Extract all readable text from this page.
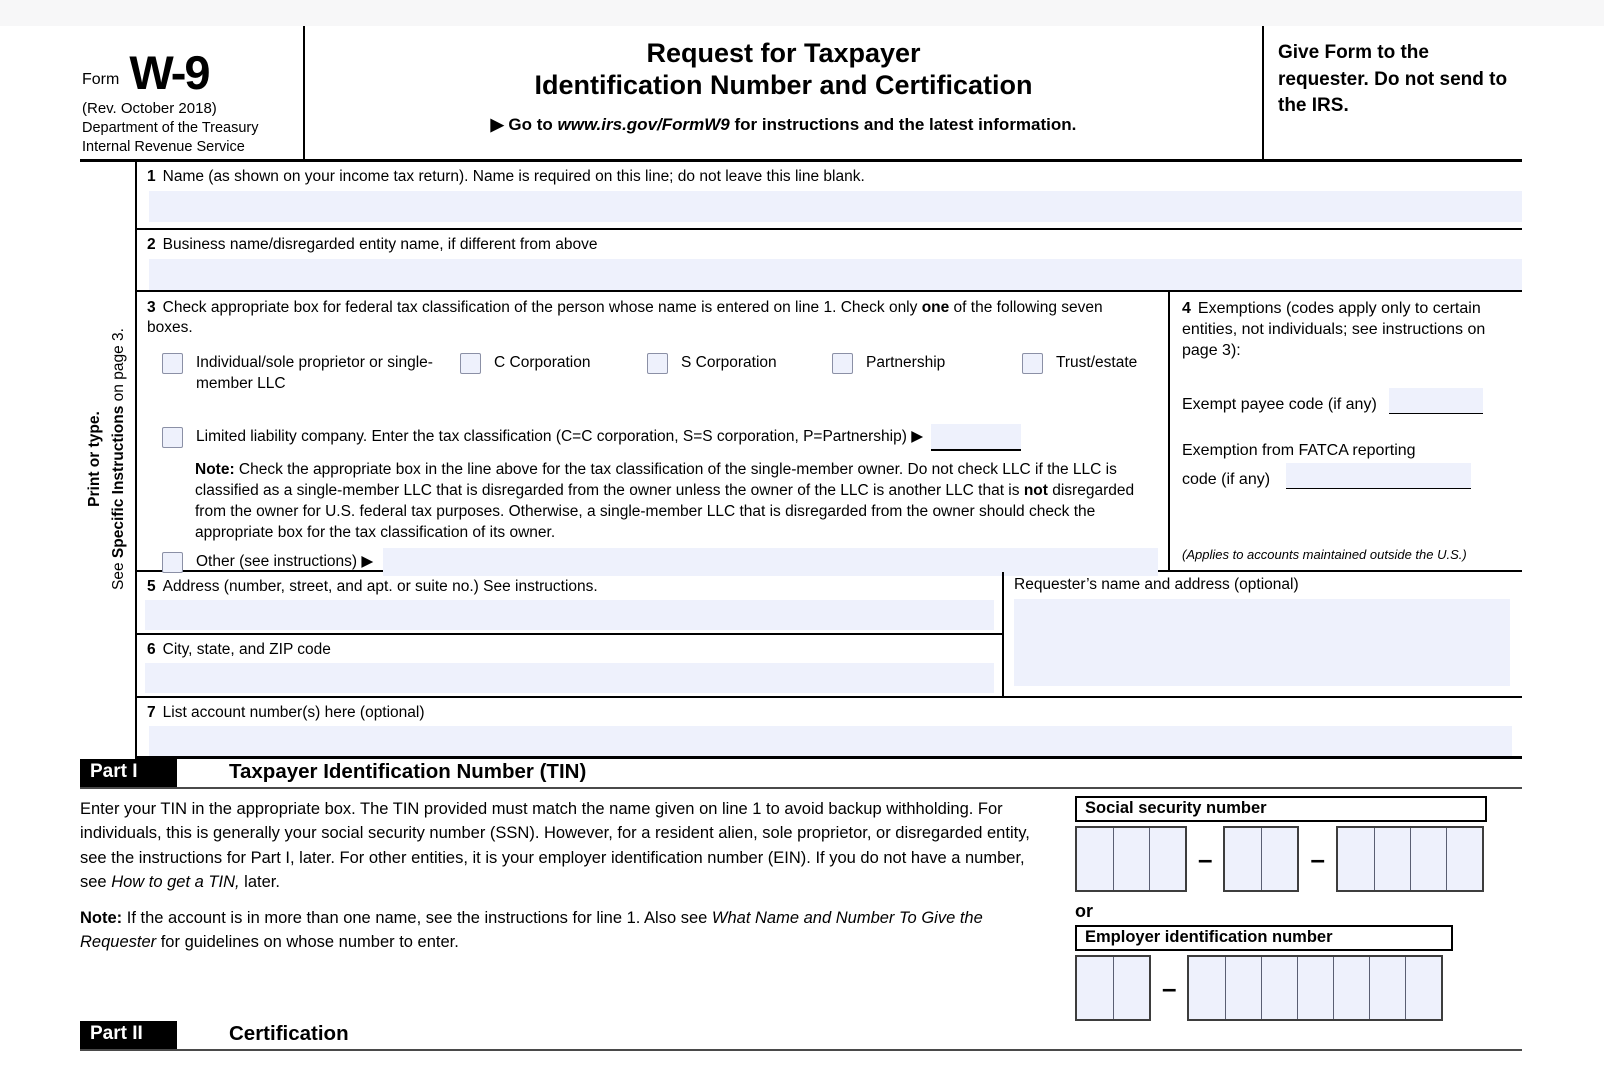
Form W-9
(Rev. October 2018)
Department of the Treasury
Internal Revenue Service
Request for Taxpayer
Identification Number and Certification
▶ Go to www.irs.gov/FormW9 for instructions and the latest information.
Give Form to the requester. Do not send to the IRS.
Print or type.
See Specific Instructions on page 3.
1 Name (as shown on your income tax return). Name is required on this line; do not leave this line blank.
2 Business name/disregarded entity name, if different from above
3 Check appropriate box for federal tax classification of the person whose name is entered on line 1. Check only one of the following seven boxes.
Individual/sole proprietor or single-member LLC
C Corporation	S Corporation	Partnership	Trust/estate
Limited liability company. Enter the tax classification (C=C corporation, S=S corporation, P=Partnership) ▶
Note: Check the appropriate box in the line above for the tax classification of the single-member owner. Do not check LLC if the LLC is classified as a single-member LLC that is disregarded from the owner unless the owner of the LLC is another LLC that is not disregarded from the owner for U.S. federal tax purposes. Otherwise, a single-member LLC that is disregarded from the owner should check the appropriate box for the tax classification of its owner.
Other (see instructions) ▶
4 Exemptions (codes apply only to certain entities, not individuals; see instructions on page 3):
Exempt payee code (if any)
Exemption from FATCA reporting
code (if any)
(Applies to accounts maintained outside the U.S.)
5 Address (number, street, and apt. or suite no.) See instructions.
6 City, state, and ZIP code
Requester’s name and address (optional)
7 List account number(s) here (optional)
Part I	Taxpayer Identification Number (TIN)
Enter your TIN in the appropriate box. The TIN provided must match the name given on line 1 to avoid backup withholding. For individuals, this is generally your social security number (SSN). However, for a resident alien, sole proprietor, or disregarded entity, see the instructions for Part I, later. For other entities, it is your employer identification number (EIN). If you do not have a number, see How to get a TIN, later.
Note: If the account is in more than one name, see the instructions for line 1. Also see What Name and Number To Give the Requester for guidelines on whose number to enter.
Social security number
–	–
or
Employer identification number
–
Part II	Certification
